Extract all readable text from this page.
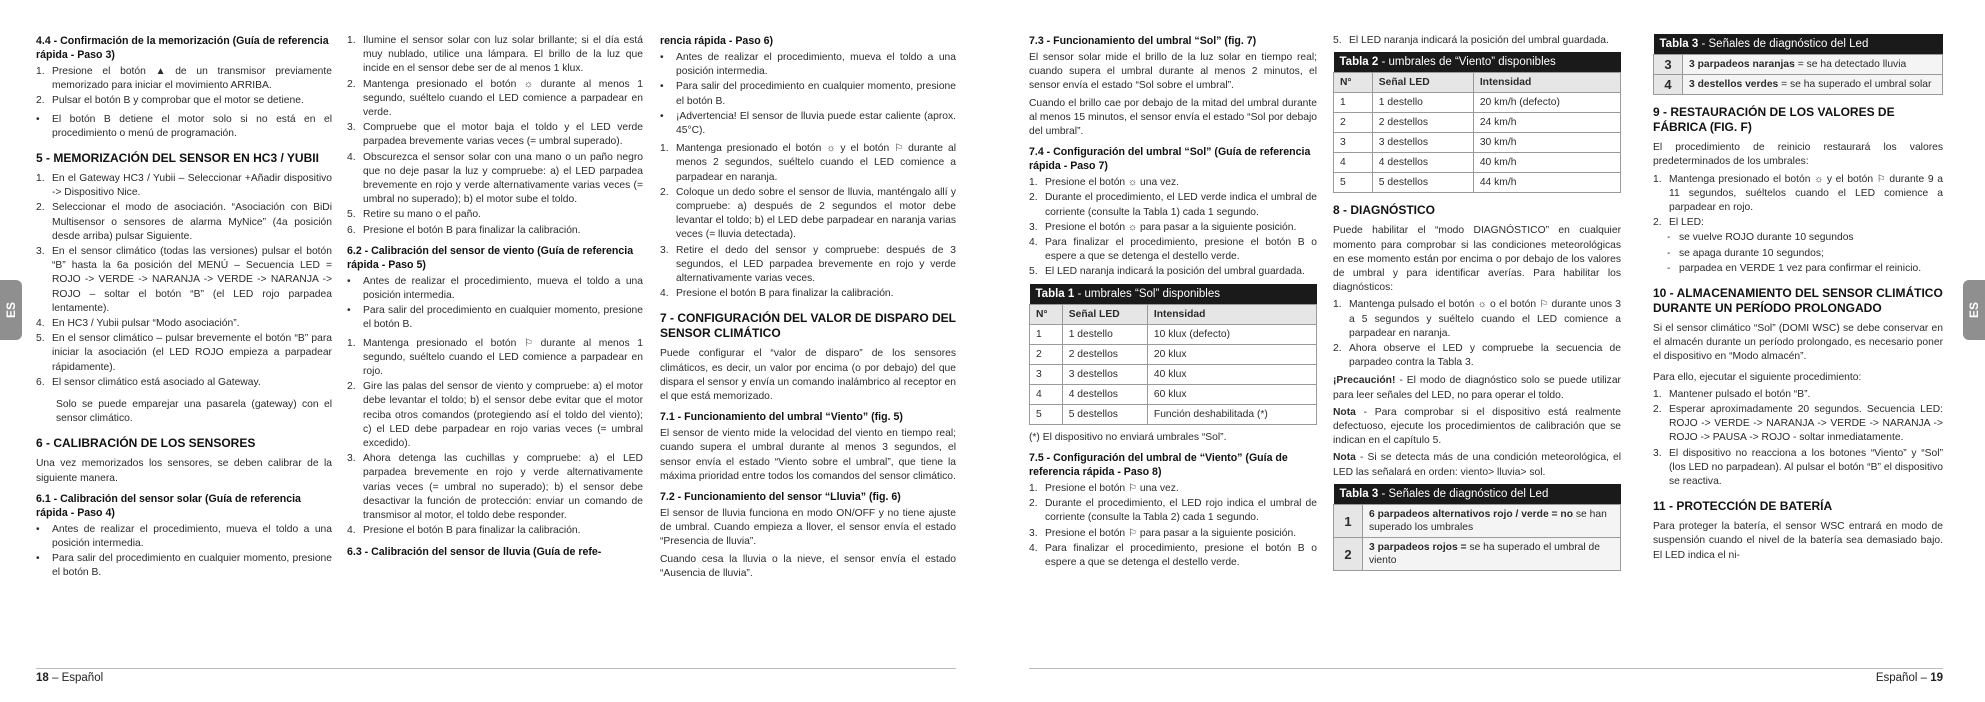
ES
4.4 - Confirmación de la memorización (Guía de referencia rápida - Paso 3)
1. Presione el botón ▲ de un transmisor previamente memorizado para iniciar el movimiento ARRIBA.
2. Pulsar el botón B y comprobar que el motor se detiene.
• El botón B detiene el motor solo si no está en el procedimiento o menú de programación.
5 - MEMORIZACIÓN DEL SENSOR EN HC3 / YUBII
1. En el Gateway HC3 / Yubii – Seleccionar +Añadir dispositivo -> Dispositivo Nice.
2. Seleccionar el modo de asociación. “Asociación con BiDi Multisensor o sensores de alarma MyNice” (4a posición desde arriba) pulsar Siguiente.
3. En el sensor climático (todas las versiones) pulsar el botón “B” hasta la 6a posición del MENÚ – Secuencia LED = ROJO -> VERDE -> NARANJA -> VERDE -> NARANJA -> ROJO – soltar el botón “B” (el LED rojo parpadea lentamente).
4. En HC3 / Yubii pulsar “Modo asociación”.
5. En el sensor climático – pulsar brevemente el botón “B” para iniciar la asociación (el LED ROJO empieza a parpadear rápidamente).
6. El sensor climático está asociado al Gateway.

Solo se puede emparejar una pasarela (gateway) con el sensor climático.

6 - CALIBRACIÓN DE LOS SENSORES

Una vez memorizados los sensores, se deben calibrar de la siguiente manera.

6.1 - Calibración del sensor solar (Guía de referencia rápida - Paso 4)
• Antes de realizar el procedimiento, mueva el toldo a una posición intermedia.
• Para salir del procedimiento en cualquier momento, presione el botón B.
1. Ilumine el sensor solar con luz solar brillante; si el día está muy nublado, utilice una lámpara. El brillo de la luz que incide en el sensor debe ser de al menos 1 klux.
2. Mantenga presionado el botón ☼ durante al menos 1 segundo, suéltelo cuando el LED comience a parpadear en verde.
3. Compruebe que el motor baja el toldo y el LED verde parpadea brevemente varias veces (= umbral superado).
4. Obscurezca el sensor solar con una mano o un paño negro que no deje pasar la luz y compruebe: a) el LED parpadea brevemente en rojo y verde alternativamente varias veces (= umbral no superado); b) el motor sube el toldo.
5. Retire su mano o el paño.
6. Presione el botón B para finalizar la calibración.
6.2 - Calibración del sensor de viento (Guía de referencia rápida - Paso 5)
• Antes de realizar el procedimiento, mueva el toldo a una posición intermedia.
• Para salir del procedimiento en cualquier momento, presione el botón B.
1. Mantenga presionado el botón ⚐ durante al menos 1 segundo, suéltelo cuando el LED comience a parpadear en rojo.
2. Gire las palas del sensor de viento y compruebe: a) el motor debe levantar el toldo; b) el sensor debe evitar que el motor reciba otros comandos (protegiendo así el toldo del viento); c) el LED debe parpadear en rojo varias veces (= umbral excedido).
3. Ahora detenga las cuchillas y compruebe: a) el LED parpadea brevemente en rojo y verde alternativamente varias veces (= umbral no superado); b) el sensor debe desactivar la función de protección: enviar un comando de transmisor al motor, el toldo debe responder.
4. Presione el botón B para finalizar la calibración.
6.3 - Calibración del sensor de lluvia (Guía de refe-
rencia rápida - Paso 6)
• Antes de realizar el procedimiento, mueva el toldo a una posición intermedia.
• Para salir del procedimiento en cualquier momento, presione el botón B.
• ¡Advertencia! El sensor de lluvia puede estar caliente (aprox. 45°C).
1. Mantenga presionado el botón ☼ y el botón ⚐ durante al menos 2 segundos, suéltelo cuando el LED comience a parpadear en naranja.
2. Coloque un dedo sobre el sensor de lluvia, manténgalo allí y compruebe: a) después de 2 segundos el motor debe levantar el toldo; b) el LED debe parpadear en naranja varias veces (= lluvia detectada).
3. Retire el dedo del sensor y compruebe: después de 3 segundos, el LED parpadea brevemente en rojo y verde alternativamente varias veces.
4. Presione el botón B para finalizar la calibración.
7 - CONFIGURACIÓN DEL VALOR DE DISPARO DEL SENSOR CLIMÁTICO

Puede configurar el “valor de disparo” de los sensores climáticos, es decir, un valor por encima (o por debajo) del que dispara el sensor y envía un comando inalámbrico al receptor en el que está memorizado.

7.1 - Funcionamiento del umbral “Viento” (fig. 5)

El sensor de viento mide la velocidad del viento en tiempo real; cuando supera el umbral durante al menos 3 segundos, el sensor envía el estado “Viento sobre el umbral”, que tiene la máxima prioridad entre todos los comandos del sensor climático.

7.2 - Funcionamiento del sensor “Lluvia” (fig. 6)

El sensor de lluvia funciona en modo ON/OFF y no tiene ajuste de umbral. Cuando empieza a llover, el sensor envía el estado “Presencia de lluvia”.

Cuando cesa la lluvia o la nieve, el sensor envía el estado “Ausencia de lluvia”.

18 – Español
ES
7.3 - Funcionamiento del umbral “Sol” (fig. 7)

El sensor solar mide el brillo de la luz solar en tiempo real; cuando supera el umbral durante al menos 2 minutos, el sensor envía el estado “Sol sobre el umbral”.

Cuando el brillo cae por debajo de la mitad del umbral durante al menos 15 minutos, el sensor envía el estado “Sol por debajo del umbral”.

7.4 - Configuración del umbral “Sol” (Guía de referencia rápida - Paso 7)
1. Presione el botón ☼ una vez.
2. Durante el procedimiento, el LED verde indica el umbral de corriente (consulte la Tabla 1) cada 1 segundo.
3. Presione el botón ☼ para pasar a la siguiente posición.
4. Para finalizar el procedimiento, presione el botón B o espere a que se detenga el destello verde.
5. El LED naranja indicará la posición del umbral guardada.
Tabla 1 - umbrales “Sol” disponibles		
N°	Señal LED	Intensidad
1	1 destello	10 klux (defecto)
2	2 destellos	20 klux
3	3 destellos	40 klux
4	4 destellos	60 klux
5	5 destellos	Función deshabilitada (*)

(*) El dispositivo no enviará umbrales “Sol”.

7.5 - Configuración del umbral de “Viento” (Guía de referencia rápida - Paso 8)
1. Presione el botón ⚐ una vez.
2. Durante el procedimiento, el LED rojo indica el umbral de corriente (consulte la Tabla 2) cada 1 segundo.
3. Presione el botón ⚐ para pasar a la siguiente posición.
4. Para finalizar el procedimiento, presione el botón B o espere a que se detenga el destello verde.
5. El LED naranja indicará la posición del umbral guardada.
Tabla 2 - umbrales de “Viento” disponibles		
N°	Señal LED	Intensidad
1	1 destello	20 km/h (defecto)
2	2 destellos	24 km/h
3	3 destellos	30 km/h
4	4 destellos	40 km/h
5	5 destellos	44 km/h
8 - DIAGNÓSTICO

Puede habilitar el “modo DIAGNÓSTICO” en cualquier momento para comprobar si las condiciones meteorológicas en ese momento están por encima o por debajo de los valores de umbral y para identificar averías. Para habilitar los diagnósticos:

1. Mantenga pulsado el botón ☼ o el botón ⚐ durante unos 3 a 5 segundos y suéltelo cuando el LED comience a parpadear en naranja.
2. Ahora observe el LED y compruebe la secuencia de parpadeo contra la Tabla 3.

¡Precaución! - El modo de diagnóstico solo se puede utilizar para leer señales del LED, no para operar el toldo.

Nota - Para comprobar si el dispositivo está realmente defectuoso, ejecute los procedimientos de calibración que se indican en el capítulo 5.

Nota - Si se detecta más de una condición meteorológica, el LED las señalará en orden: viento> lluvia> sol.

Tabla 3 - Señales de diagnóstico del Led	
1	6 parpadeos alternativos rojo / verde = no se han superado los umbrales
2	3 parpadeos rojos = se ha superado el umbral de viento
Tabla 3 - Señales de diagnóstico del Led	
3	3 parpadeos naranjas = se ha detectado lluvia
4	3 destellos verdes = se ha superado el umbral solar
9 - RESTAURACIÓN DE LOS VALORES DE FÁBRICA (FIG. F)

El procedimiento de reinicio restaurará los valores predeterminados de los umbrales:

1. Mantenga presionado el botón ☼ y el botón ⚐ durante 9 a 11 segundos, suéltelos cuando el LED comience a parpadear en rojo.
2. El LED:
- se vuelve ROJO durante 10 segundos
- se apaga durante 10 segundos;
- parpadea en VERDE 1 vez para confirmar el reinicio.
10 - ALMACENAMIENTO DEL SENSOR CLIMÁTICO DURANTE UN PERÍODO PROLONGADO

Si el sensor climático “Sol” (DOMI WSC) se debe conservar en el almacén durante un período prolongado, es necesario poner el dispositivo en “Modo almacén”.

Para ello, ejecutar el siguiente procedimiento:

1. Mantener pulsado el botón “B”.
2. Esperar aproximadamente 20 segundos. Secuencia LED: ROJO -> VERDE -> NARANJA -> VERDE -> NARANJA -> ROJO -> PAUSA -> ROJO - soltar inmediatamente.
3. El dispositivo no reacciona a los botones “Viento” y “Sol” (los LED no parpadean). Al pulsar el botón “B” el dispositivo se reactiva.
11 - PROTECCIÓN DE BATERÍA

Para proteger la batería, el sensor WSC entrará en modo de suspensión cuando el nivel de la batería sea demasiado bajo. El LED indica el ni-

Español – 19
